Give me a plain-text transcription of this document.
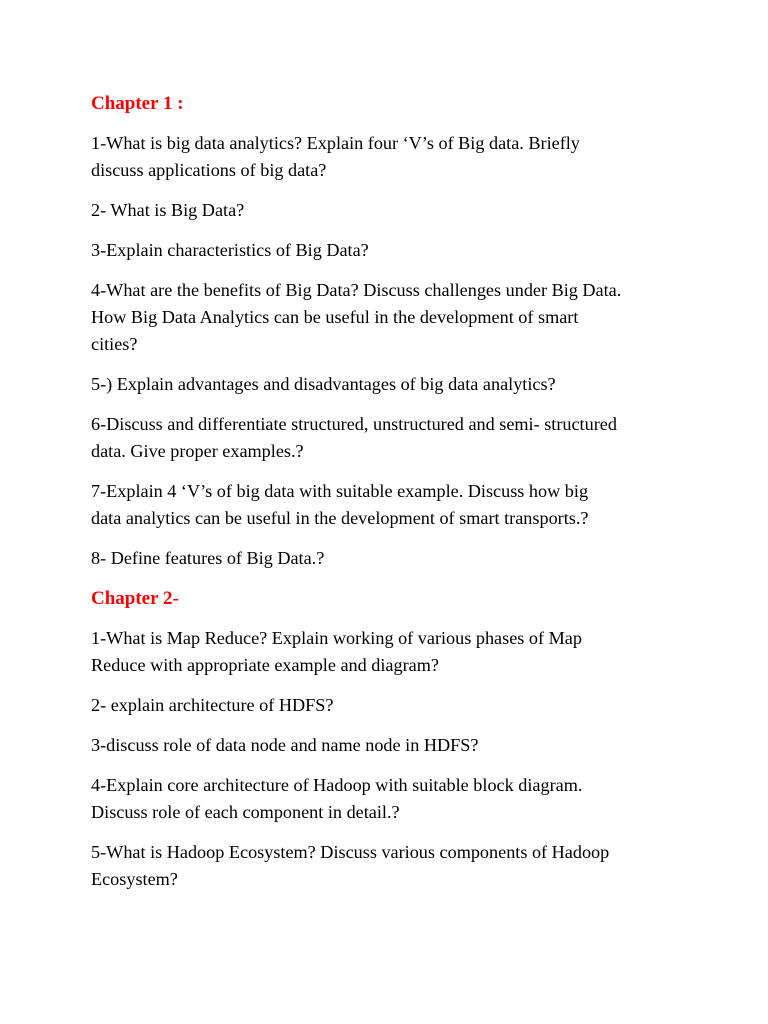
Chapter 1 :
1-What is big data analytics? Explain four ‘V’s of Big data. Briefly
discuss applications of big data?
2- What is Big Data?
3-Explain characteristics of Big Data?
4-What are the benefits of Big Data? Discuss challenges under Big Data.
How Big Data Analytics can be useful in the development of smart
cities?
5-) Explain advantages and disadvantages of big data analytics?
6-Discuss and differentiate structured, unstructured and semi- structured
data. Give proper examples.?
7-Explain 4 ‘V’s of big data with suitable example. Discuss how big
data analytics can be useful in the development of smart transports.?
8- Define features of Big Data.?
Chapter 2-
1-What is Map Reduce? Explain working of various phases of Map
Reduce with appropriate example and diagram?
2- explain architecture of HDFS?
3-discuss role of data node and name node in HDFS?
4-Explain core architecture of Hadoop with suitable block diagram.
Discuss role of each component in detail.?
5-What is Hadoop Ecosystem? Discuss various components of Hadoop
Ecosystem?
